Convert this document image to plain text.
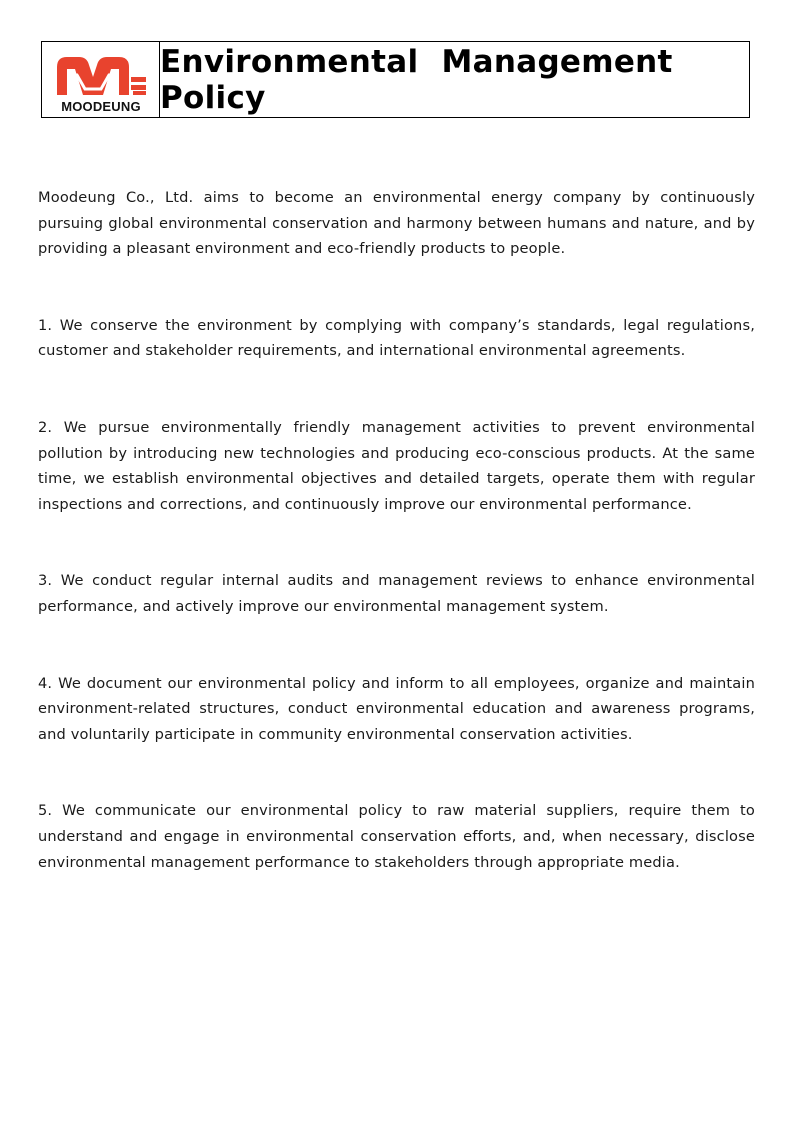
MOODEUNG
Environmental Management Policy

Moodeung Co., Ltd. aims to become an environmental energy company by continuously pursuing global environmental conservation and harmony between humans and nature, and by providing a pleasant environment and eco-friendly products to people.

1. We conserve the environment by complying with company’s standards, legal regulations, customer and stakeholder requirements, and international environmental agreements.

2. We pursue environmentally friendly management activities to prevent environmental pollution by introducing new technologies and producing eco-conscious products. At the same time, we establish environmental objectives and detailed targets, operate them with regular inspections and corrections, and continuously improve our environmental performance.

3. We conduct regular internal audits and management reviews to enhance environmental performance, and actively improve our environmental management system.

4. We document our environmental policy and inform to all employees, organize and maintain environment-related structures, conduct environmental education and awareness programs, and voluntarily participate in community environmental conservation activities.

5. We communicate our environmental policy to raw material suppliers, require them to understand and engage in environmental conservation efforts, and, when necessary, disclose environmental management performance to stakeholders through appropriate media.
